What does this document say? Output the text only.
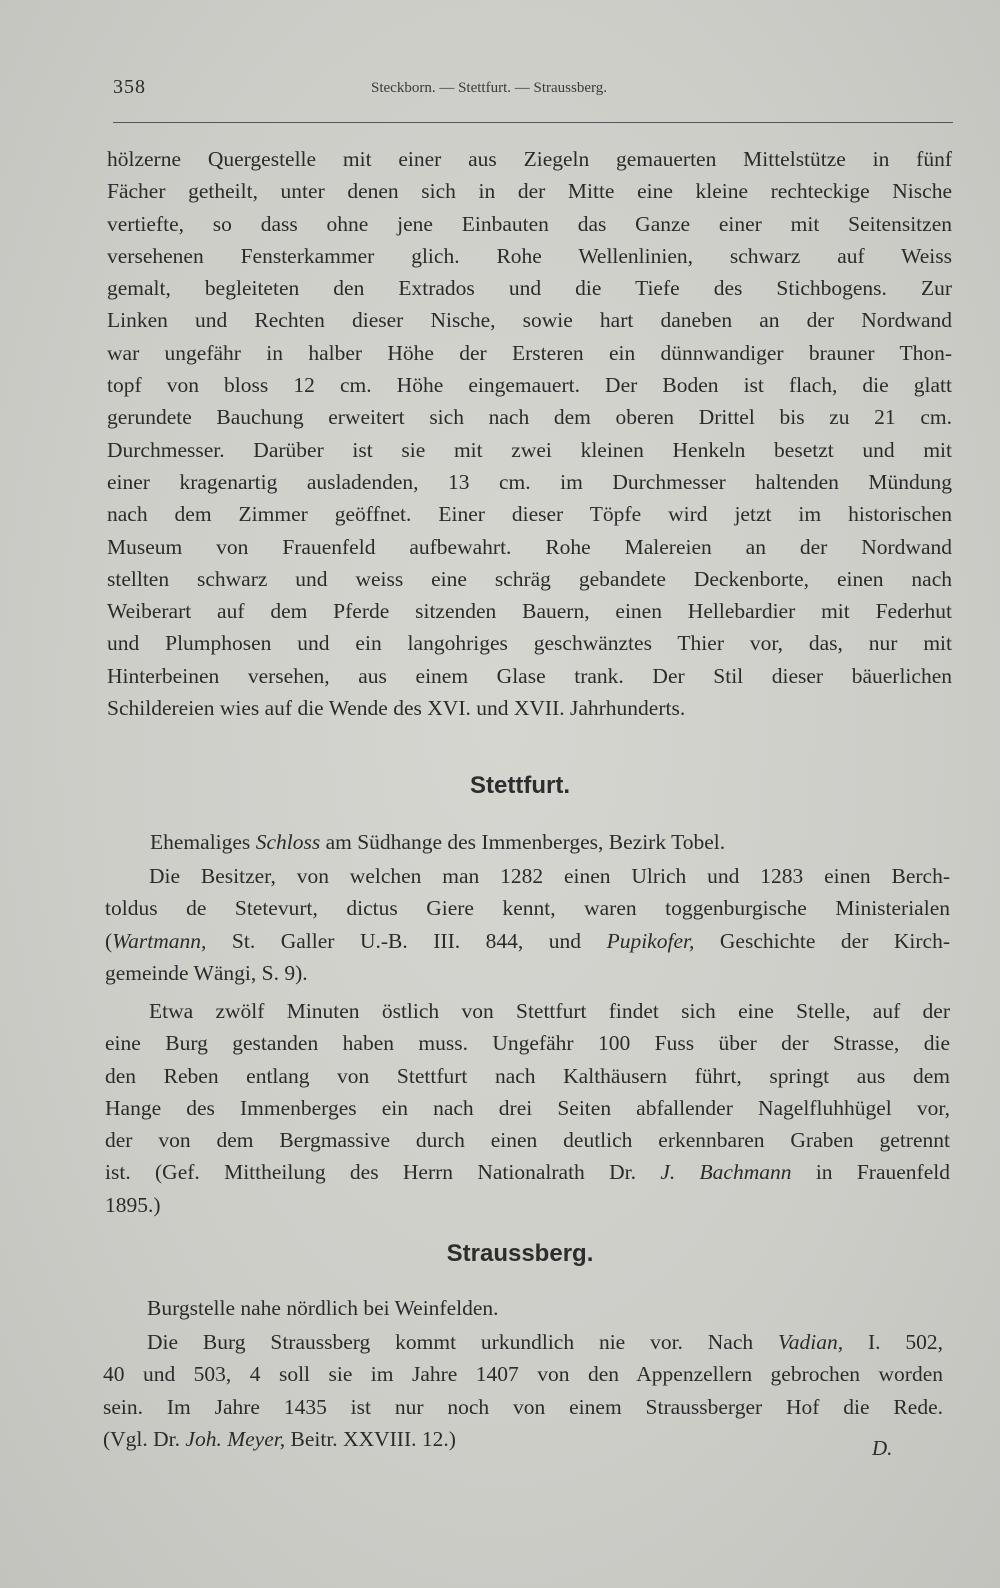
358	Steckborn. — Stettfurt. — Straussberg.
hölzerne Quergestelle mit einer aus Ziegeln gemauerten Mittelstütze in fünf
Fächer getheilt, unter denen sich in der Mitte eine kleine rechteckige Nische
vertiefte, so dass ohne jene Einbauten das Ganze einer mit Seitensitzen
versehenen Fensterkammer glich. Rohe Wellenlinien, schwarz auf Weiss
gemalt, begleiteten den Extrados und die Tiefe des Stichbogens. Zur
Linken und Rechten dieser Nische, sowie hart daneben an der Nordwand
war ungefähr in halber Höhe der Ersteren ein dünnwandiger brauner Thon-
topf von bloss 12 cm. Höhe eingemauert. Der Boden ist flach, die glatt
gerundete Bauchung erweitert sich nach dem oberen Drittel bis zu 21 cm.
Durchmesser. Darüber ist sie mit zwei kleinen Henkeln besetzt und mit
einer kragenartig ausladenden, 13 cm. im Durchmesser haltenden Mündung
nach dem Zimmer geöffnet. Einer dieser Töpfe wird jetzt im historischen
Museum von Frauenfeld aufbewahrt. Rohe Malereien an der Nordwand
stellten schwarz und weiss eine schräg gebandete Deckenborte, einen nach
Weiberart auf dem Pferde sitzenden Bauern, einen Hellebardier mit Federhut
und Plumphosen und ein langohriges geschwänztes Thier vor, das, nur mit
Hinterbeinen versehen, aus einem Glase trank. Der Stil dieser bäuerlichen
Schildereien wies auf die Wende des XVI. und XVII. Jahrhunderts.
Stettfurt.
Ehemaliges Schloss am Südhange des Immenberges, Bezirk Tobel.
Die Besitzer, von welchen man 1282 einen Ulrich und 1283 einen Berch-
toldus de Stetevurt, dictus Giere kennt, waren toggenburgische Ministerialen
(Wartmann, St. Galler U.-B. III. 844, und Pupikofer, Geschichte der Kirch-
gemeinde Wängi, S. 9).
Etwa zwölf Minuten östlich von Stettfurt findet sich eine Stelle, auf der
eine Burg gestanden haben muss. Ungefähr 100 Fuss über der Strasse, die
den Reben entlang von Stettfurt nach Kalthäusern führt, springt aus dem
Hange des Immenberges ein nach drei Seiten abfallender Nagelfluhhügel vor,
der von dem Bergmassive durch einen deutlich erkennbaren Graben getrennt
ist. (Gef. Mittheilung des Herrn Nationalrath Dr. J. Bachmann in Frauenfeld
1895.)
Straussberg.
Burgstelle nahe nördlich bei Weinfelden.
Die Burg Straussberg kommt urkundlich nie vor. Nach Vadian, I. 502,
40 und 503, 4 soll sie im Jahre 1407 von den Appenzellern gebrochen worden
sein. Im Jahre 1435 ist nur noch von einem Straussberger Hof die Rede.
(Vgl. Dr. Joh. Meyer, Beitr. XXVIII. 12.)	D.
